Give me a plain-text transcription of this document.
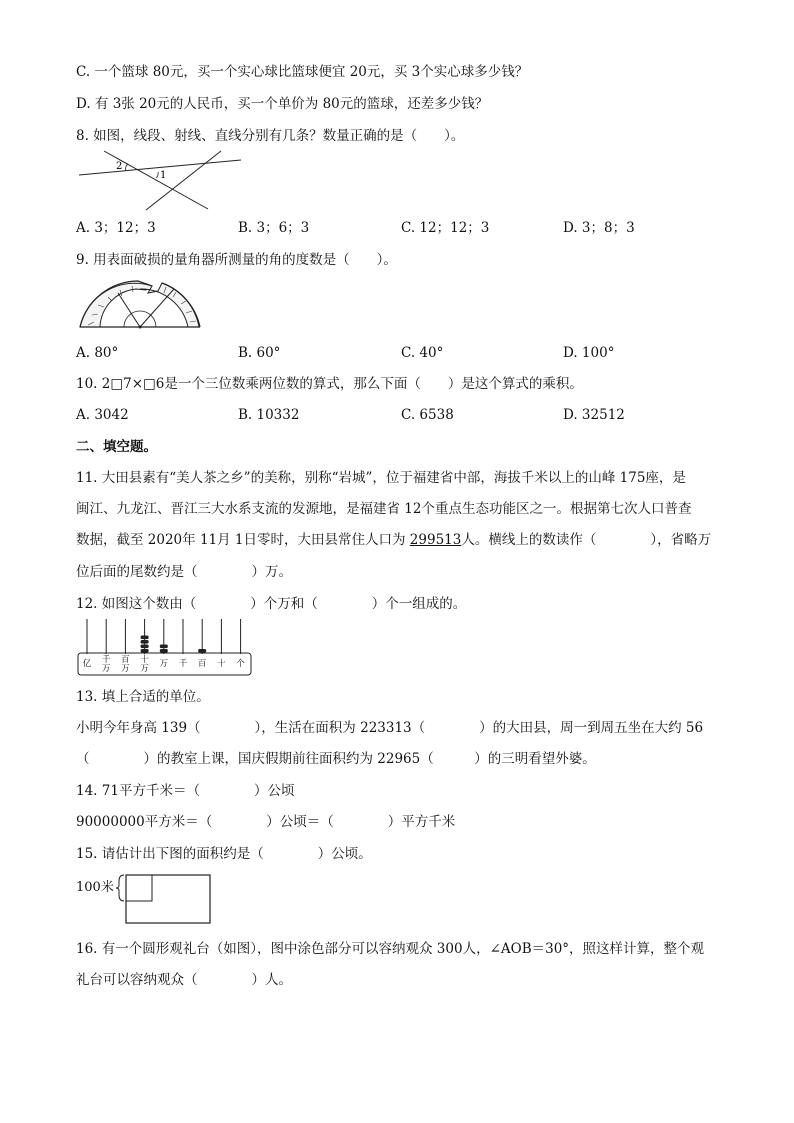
C. 一个篮球 80元，买一个实心球比篮球便宜 20元，买 3个实心球多少钱？
D. 有 3张 20元的人民币，买一个单价为 80元的篮球，还差多少钱？
8. 如图，线段、射线、直线分别有几条？数量正确的是（　　）。
2
1
A. 3；12；3	B. 3；6；3	C. 12；12；3	D. 3；8；3
9. 用表面破损的量角器所测量的角的度数是（　　）。
A. 80°	B. 60°	C. 40°	D. 100°
10. 2□7×□6是一个三位数乘两位数的算式，那么下面（　　）是这个算式的乘积。
A. 3042	B. 10332	C. 6538	D. 32512
二、填空题。
11. 大田县素有“美人茶之乡”的美称，别称“岩城”，位于福建省中部，海拔千米以上的山峰 175座，是
闽江、九龙江、晋江三大水系支流的发源地，是福建省 12个重点生态功能区之一。根据第七次人口普查
数据，截至 2020年 11月 1日零时，大田县常住人口为 299513人。横线上的数读作（　　　　），省略万
位后面的尾数约是（　　　　）万。
12. 如图这个数由（　　　　）个万和（　　　　）个一组成的。
亿	千
万
百
万
十
万	万	千	百	十	个
13. 填上合适的单位。
小明今年身高 139（　　　　），生活在面积为 223313（　　　　）的大田县，周一到周五坐在大约 56
（　　　　）的教室上课，国庆假期前往面积约为 22965（　　　）的三明看望外婆。
14. 71平方千米＝（　　　　）公顷
90000000平方米＝（　　　　）公顷＝（　　　　）平方千米
15. 请估计出下图的面积约是（　　　　）公顷。
100米
16. 有一个圆形观礼台（如图），图中涂色部分可以容纳观众 300人，∠AOB＝30°，照这样计算，整个观
礼台可以容纳观众（　　　　）人。
